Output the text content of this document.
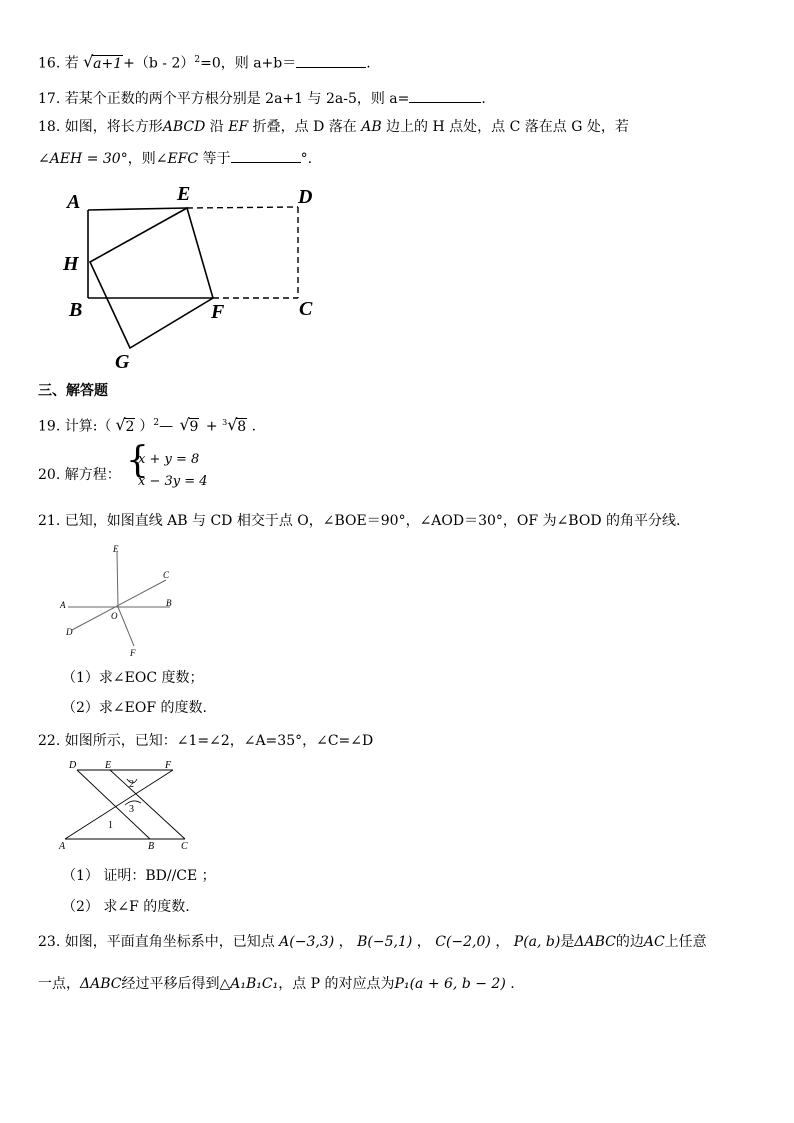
16. 若 √ a+1+（b - 2）$^2$=0，则 a+b＝	.
17. 若某个正数的两个平方根分别是 2a+1 与 2a-5，则 a=	.
18. 如图，将长方形ABCD 沿 EF 折叠，点 D 落在 AB 边上的 H 点处，点 C 落在点 G 处，若
∠AEH = 30°，则∠EFC 等于	°.
A	E	D
H
B	F	C
G
三、解答题
19. 计算:（ √ 2 ）$^2$— √ 9 + $^3$ √ 8 .
20. 解方程： {
x + y = 8
x − 3y = 4
21. 已知，如图直线 AB 与 CD 相交于点 O，∠BOE＝90°，∠AOD＝30°，OF 为∠BOD 的角平分线.
E
C
A	B
O
D
F
（1）求∠EOC 度数；
（2）求∠EOF 的度数.
22. 如图所示，已知：∠1=∠2，∠A=35°，∠C=∠D
D	E	F
A	B	C
1
2
3
（1） 证明：BD//CE ；
（2） 求∠F 的度数.
23. 如图，平面直角坐标系中，已知点 A(−3,3) ， B(−5,1) ， C(−2,0) ， P(a, b)是ΔABC的边AC上任意
一点，ΔABC经过平移后得到△A₁B₁C₁，点 P 的对应点为P₁(a + 6, b − 2) .
